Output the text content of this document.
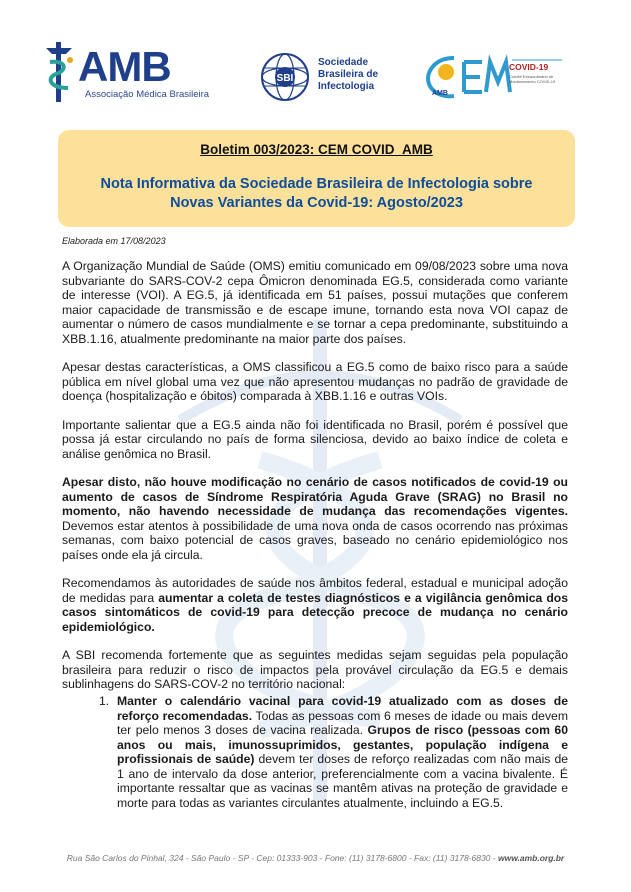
AMB
Associação Médica Brasileira
SBI
Sociedade
Brasileira de
Infectologia
COVID-19
Comitê Extraordinário de Monitoramento COVID-19
AMB
Boletim 003/2023: CEM COVID_AMB
Nota Informativa da Sociedade Brasileira de Infectologia sobre Novas Variantes da Covid-19: Agosto/2023
Elaborada em 17/08/2023

A Organização Mundial de Saúde (OMS) emitiu comunicado em 09/08/2023 sobre uma nova subvariante do SARS-COV-2 cepa Ômicron denominada EG.5, considerada como variante de interesse (VOI). A EG.5, já identificada em 51 países, possui mutações que conferem maior capacidade de transmissão e de escape imune, tornando esta nova VOI capaz de aumentar o número de casos mundialmente e se tornar a cepa predominante, substituindo a XBB.1.16, atualmente predominante na maior parte dos países.

Apesar destas características, a OMS classificou a EG.5 como de baixo risco para a saúde pública em nível global uma vez que não apresentou mudanças no padrão de gravidade de doença (hospitalização e óbitos) comparada à XBB.1.16 e outras VOIs.

Importante salientar que a EG.5 ainda não foi identificada no Brasil, porém é possível que possa já estar circulando no país de forma silenciosa, devido ao baixo índice de coleta e análise genômica no Brasil.

Apesar disto, não houve modificação no cenário de casos notificados de covid-19 ou aumento de casos de Síndrome Respiratória Aguda Grave (SRAG) no Brasil no momento, não havendo necessidade de mudança das recomendações vigentes. Devemos estar atentos à possibilidade de uma nova onda de casos ocorrendo nas próximas semanas, com baixo potencial de casos graves, baseado no cenário epidemiológico nos países onde ela já circula.

Recomendamos às autoridades de saúde nos âmbitos federal, estadual e municipal adoção de medidas para aumentar a coleta de testes diagnósticos e a vigilância genômica dos casos sintomáticos de covid-19 para detecção precoce de mudança no cenário epidemiológico.

A SBI recomenda fortemente que as seguintes medidas sejam seguidas pela população brasileira para reduzir o risco de impactos pela provável circulação da EG.5 e demais sublinhagens do SARS-COV-2 no território nacional:

1. Manter o calendário vacinal para covid-19 atualizado com as doses de reforço recomendadas. Todas as pessoas com 6 meses de idade ou mais devem ter pelo menos 3 doses de vacina realizada. Grupos de risco (pessoas com 60 anos ou mais, imunossuprimidos, gestantes, população indígena e profissionais de saúde) devem ter doses de reforço realizadas com não mais de 1 ano de intervalo da dose anterior, preferencialmente com a vacina bivalente. É importante ressaltar que as vacinas se mantêm ativas na proteção de gravidade e morte para todas as variantes circulantes atualmente, incluindo a EG.5.
Rua São Carlos do Pinhal, 324 - São Paulo - SP - Cep: 01333-903 - Fone: (11) 3178-6800 - Fax: (11) 3178-6830 - www.amb.org.br
